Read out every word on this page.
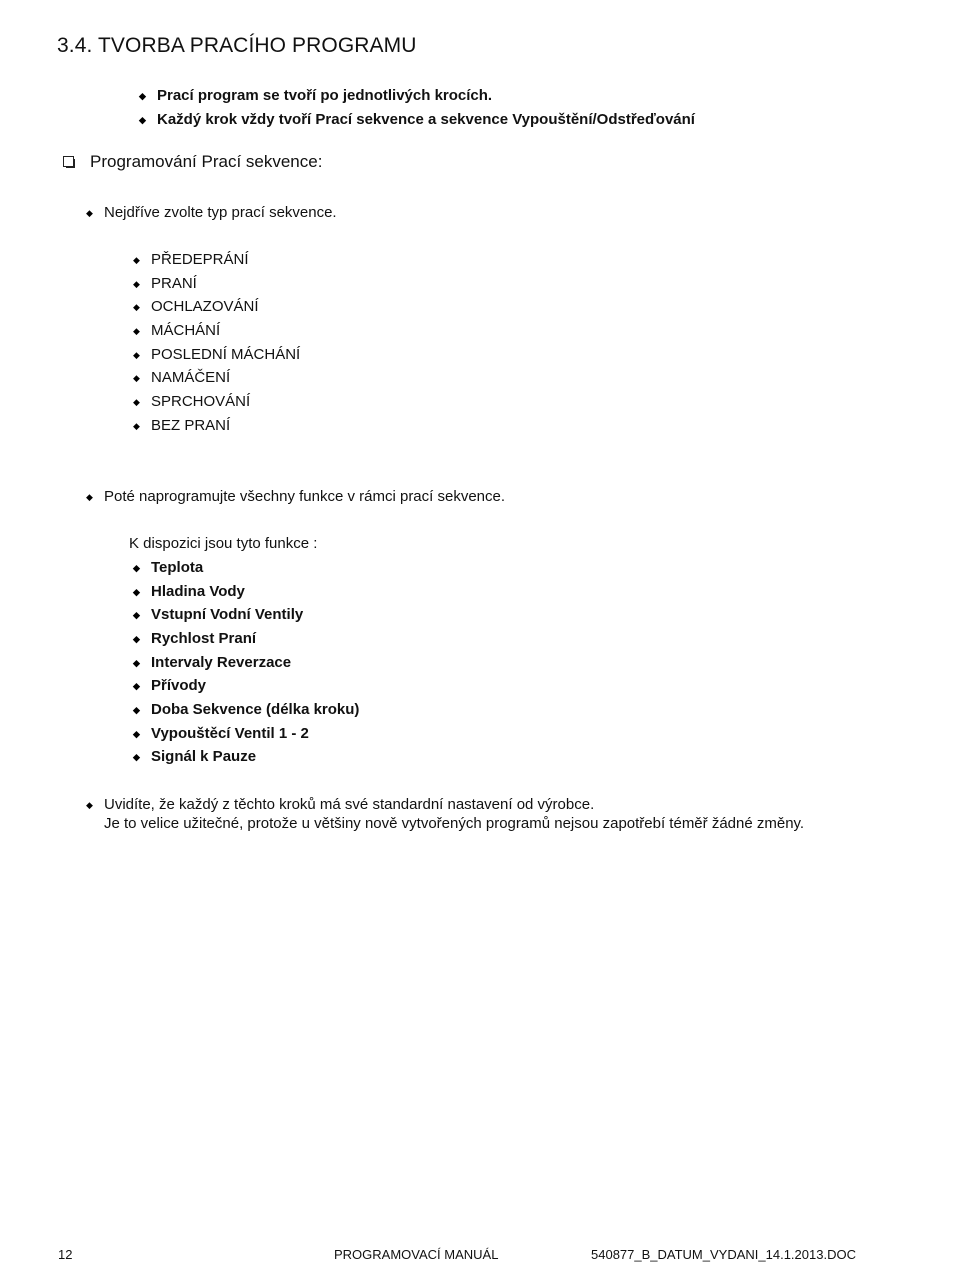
3.4. TVORBA PRACÍHO PROGRAMU
◆ Prací program se tvoří po jednotlivých krocích.
◆ Každý krok vždy tvoří Prací sekvence a sekvence Vypouštění/Odstřeďování
Programování Prací sekvence:
◆ Nejdříve zvolte typ prací sekvence.
◆ PŘEDEPRÁNÍ
◆ PRANÍ
◆ OCHLAZOVÁNÍ
◆ MÁCHÁNÍ
◆ POSLEDNÍ MÁCHÁNÍ
◆ NAMÁČENÍ
◆ SPRCHOVÁNÍ
◆ BEZ PRANÍ
◆ Poté naprogramujte všechny funkce v rámci prací sekvence.
K dispozici jsou tyto funkce :
◆ Teplota
◆ Hladina Vody
◆ Vstupní Vodní Ventily
◆ Rychlost Praní
◆ Intervaly Reverzace
◆ Přívody
◆ Doba Sekvence (délka kroku)
◆ Vypouštěcí Ventil 1 - 2
◆ Signál k Pauze
◆ Uvidíte, že každý z těchto kroků má své standardní nastavení od výrobce.
Je to velice užitečné, protože u většiny nově vytvořených programů nejsou zapotřebí téměř žádné změny.
12	PROGRAMOVACÍ MANUÁL	540877_B_DATUM_VYDANI_14.1.2013.DOC
